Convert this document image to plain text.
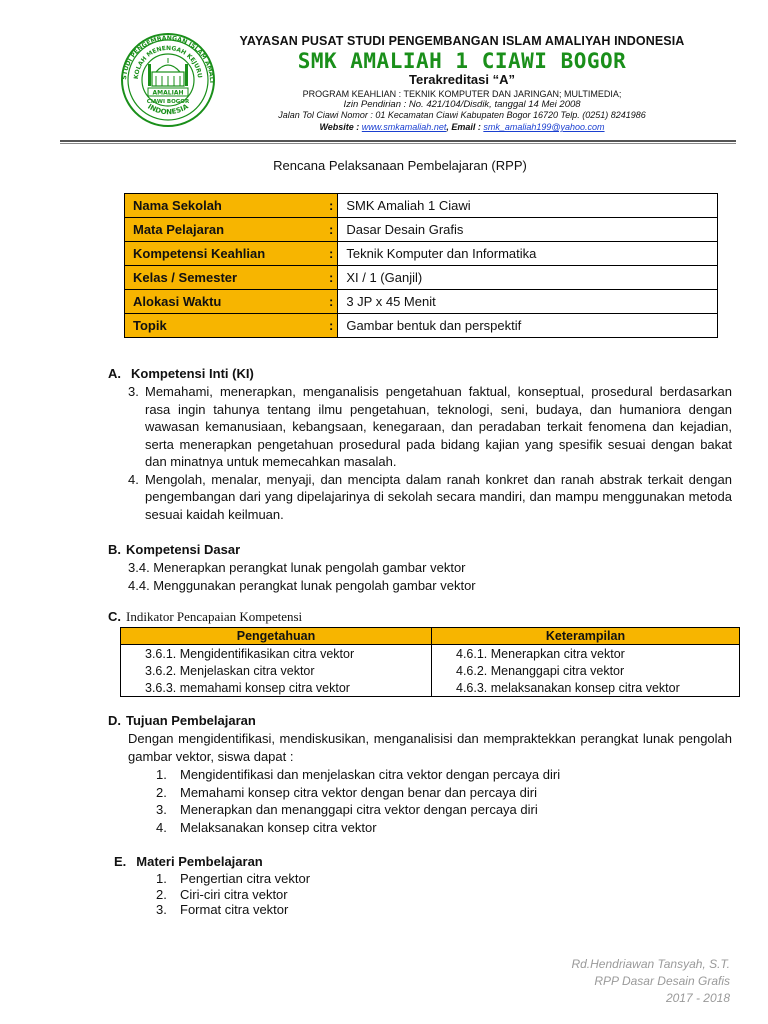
STUDI PENGEMBANGAN ISLAM AMALI
KOLAH MENENGAH KEJURU
INDONESIA
AMALIAH
CIAWI BOGOR
YAYASAN PUSAT STUDI PENGEMBANGAN ISLAM AMALIYAH INDONESIA
SMK AMALIAH 1 CIAWI BOGOR
Terakreditasi “A”
PROGRAM KEAHLIAN : TEKNIK KOMPUTER DAN JARINGAN; MULTIMEDIA;
Izin Pendirian : No. 421/104/Disdik, tanggal 14 Mei 2008
Jalan Tol Ciawi Nomor : 01 Kecamatan Ciawi Kabupaten Bogor 16720 Telp. (0251) 8241986
Website : www.smkamaliah.net, Email : smk_amaliah199@yahoo.com
Rencana Pelaksanaan Pembelajaran (RPP)
Nama Sekolah	:	SMK Amaliah 1 Ciawi
Mata Pelajaran	:	Dasar Desain Grafis
Kompetensi Keahlian	:	Teknik Komputer dan Informatika
Kelas / Semester	:	XI / 1 (Ganjil)
Alokasi Waktu	:	3 JP x 45 Menit
Topik	:	Gambar bentuk dan perspektif
A. Kompetensi Inti (KI)
3. Memahami, menerapkan, menganalisis pengetahuan faktual, konseptual, prosedural berdasarkan rasa ingin tahunya tentang ilmu pengetahuan, teknologi, seni, budaya, dan humaniora dengan wawasan kemanusiaan, kebangsaan, kenegaraan, dan peradaban terkait fenomena dan kejadian, serta menerapkan pengetahuan prosedural pada bidang kajian yang spesifik sesuai dengan bakat dan minatnya untuk memecahkan masalah.
4. Mengolah, menalar, menyaji, dan mencipta dalam ranah konkret dan ranah abstrak terkait dengan pengembangan dari yang dipelajarinya di sekolah secara mandiri, dan mampu menggunakan metoda sesuai kaidah keilmuan.
B. Kompetensi Dasar
3.4. Menerapkan perangkat lunak pengolah gambar vektor
4.4. Menggunakan perangkat lunak pengolah gambar vektor
C. Indikator Pencapaian Kompetensi
Pengetahuan	Keterampilan
3.6.1. Mengidentifikasikan citra vektor	4.6.1. Menerapkan citra vektor
3.6.2. Menjelaskan citra vektor	4.6.2. Menanggapi citra vektor
3.6.3. memahami konsep citra vektor	4.6.3. melaksanakan konsep citra vektor
D. Tujuan Pembelajaran
Dengan mengidentifikasi, mendiskusikan, menganalisisi dan mempraktekkan perangkat lunak pengolah gambar vektor, siswa dapat :
1. Mengidentifikasi dan menjelaskan citra vektor dengan percaya diri
2. Memahami konsep citra vektor dengan benar dan percaya diri
3. Menerapkan dan menanggapi citra vektor dengan percaya diri
4. Melaksanakan konsep citra vektor
E. Materi Pembelajaran
1. Pengertian citra vektor
2. Ciri-ciri citra vektor
3. Format citra vektor
Rd.Hendriawan Tansyah, S.T.
RPP Dasar Desain Grafis
2017 - 2018
